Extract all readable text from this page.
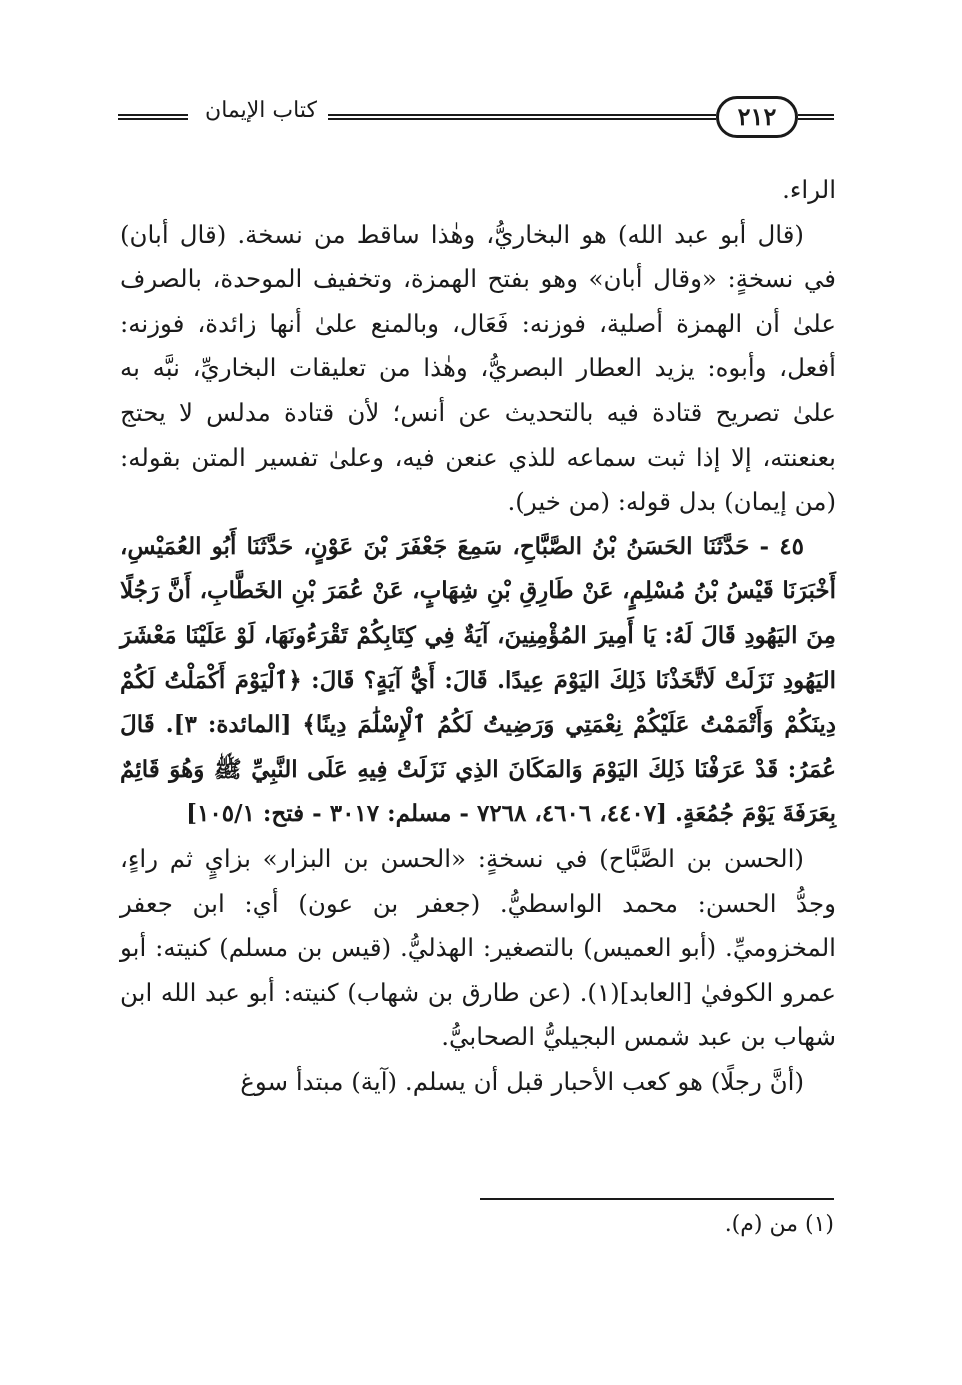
كتاب الإيمان	٢١٢

الراء.

(قال أبو عبد الله) هو البخاريُّ، وهٰذا ساقط من نسخة. (قال أبان) في نسخةٍ: «وقال أبان» وهو بفتح الهمزة، وتخفيف الموحدة، بالصرف علىٰ أن الهمزة أصلية، فوزنه: فَعَال، وبالمنع علىٰ أنها زائدة، فوزنه: أفعل، وأبوه: يزيد العطار البصريُّ، وهٰذا من تعليقات البخاريِّ، نبَّه به علىٰ تصريح قتادة فيه بالتحديث عن أنس؛ لأن قتادة مدلس لا يحتج بعنعنته، إلا إذا ثبت سماعه للذي عنعن فيه، وعلىٰ تفسير المتن بقوله: (من إيمان) بدل قوله: (من خير).

٤٥ - حَدَّثَنَا الحَسَنُ بْنُ الصَّبَّاحِ، سَمِعَ جَعْفَرَ بْنَ عَوْنٍ، حَدَّثَنَا أَبُو العُمَيْسِ، أَخْبَرَنَا قَيْسُ بْنُ مُسْلِمٍ، عَنْ طَارِقِ بْنِ شِهَابٍ، عَنْ عُمَرَ بْنِ الخَطَّابِ، أَنَّ رَجُلًا مِنَ اليَهُودِ قَالَ لَهُ: يَا أَمِيرَ المُؤْمِنِينَ، آيَةٌ فِي كِتَابِكُمْ تَقْرَءُونَهَا، لَوْ عَلَيْنَا مَعْشَرَ اليَهُودِ نَزَلَتْ لَاتَّخَذْنَا ذَلِكَ اليَوْمَ عِيدًا. قَالَ: أَيُّ آيَةٍ؟ قَالَ: ﴿ٱلْيَوْمَ أَكْمَلْتُ لَكُمْ دِينَكُمْ وَأَتْمَمْتُ عَلَيْكُمْ نِعْمَتِي وَرَضِيتُ لَكُمُ ٱلْإِسْلَٰمَ دِينًا﴾ [المائدة: ٣]. قَالَ عُمَرُ: قَدْ عَرَفْنَا ذَلِكَ اليَوْمَ وَالمَكَانَ الذِي نَزَلَتْ فِيهِ عَلَى النَّبِيِّ ﷺ وَهُوَ قَائِمٌ بِعَرَفَةَ يَوْمَ جُمُعَةٍ. [٤٤٠٧، ٤٦٠٦، ٧٢٦٨ - مسلم: ٣٠١٧ - فتح: ١٠٥/١]

(الحسن بن الصَّبَّاح) في نسخةٍ: «الحسن بن البزار» بزايٍ ثم راءٍ، وجدُّ الحسن: محمد الواسطيُّ. (جعفر بن عون) أي: ابن جعفر المخزوميِّ. (أبو العميس) بالتصغير: الهذليُّ. (قيس بن مسلم) كنيته: أبو عمرو الكوفيٰ [العابد](١). (عن طارق بن شهاب) كنيته: أبو عبد الله ابن شهاب بن عبد شمس البجيليُّ الصحابيُّ.

(أنَّ رجلًا) هو كعب الأحبار قبل أن يسلم. (آية) مبتدأ سوغ

(١) من (م).
